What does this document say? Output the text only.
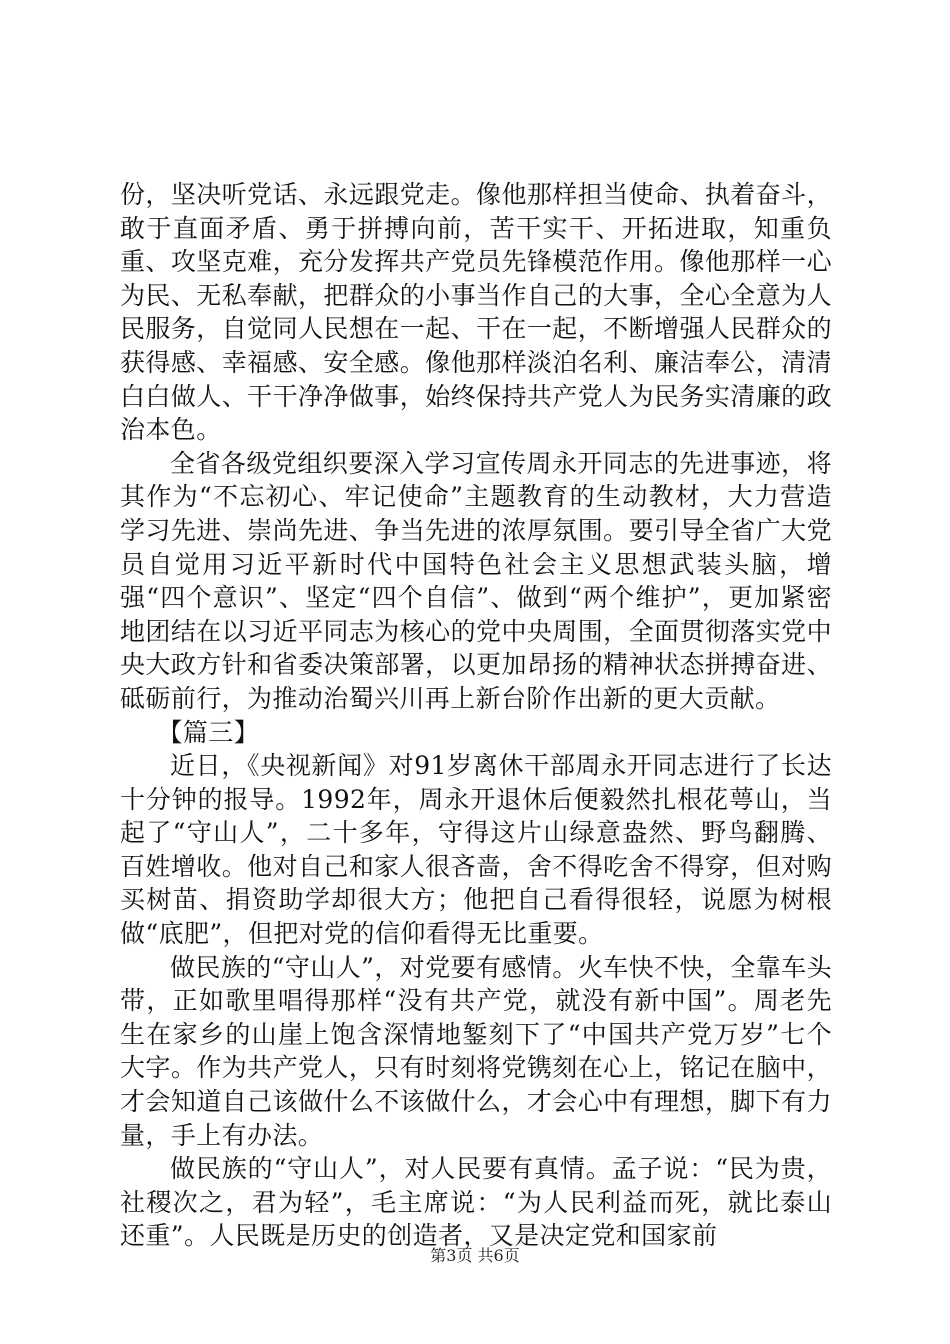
份，坚决听党话、永远跟党走。像他那样担当使命、执着奋斗，敢于直面矛盾、勇于拼搏向前，苦干实干、开拓进取，知重负重、攻坚克难，充分发挥共产党员先锋模范作用。像他那样一心为民、无私奉献，把群众的小事当作自己的大事，全心全意为人民服务，自觉同人民想在一起、干在一起，不断增强人民群众的获得感、幸福感、安全感。像他那样淡泊名利、廉洁奉公，清清白白做人、干干净净做事，始终保持共产党人为民务实清廉的政治本色。

全省各级党组织要深入学习宣传周永开同志的先进事迹，将其作为“不忘初心、牢记使命”主题教育的生动教材，大力营造学习先进、崇尚先进、争当先进的浓厚氛围。要引导全省广大党员自觉用习近平新时代中国特色社会主义思想武装头脑，增强“四个意识”、坚定“四个自信”、做到“两个维护”，更加紧密地团结在以习近平同志为核心的党中央周围，全面贯彻落实党中央大政方针和省委决策部署，以更加昂扬的精神状态拼搏奋进、砥砺前行，为推动治蜀兴川再上新台阶作出新的更大贡献。

【篇三】

近日，《央视新闻》对91岁离休干部周永开同志进行了长达十分钟的报导。1992年，周永开退休后便毅然扎根花萼山，当起了“守山人”，二十多年，守得这片山绿意盎然、野鸟翻腾、百姓增收。他对自己和家人很吝啬，舍不得吃舍不得穿，但对购买树苗、捐资助学却很大方；他把自己看得很轻，说愿为树根做“底肥”，但把对党的信仰看得无比重要。

做民族的“守山人”，对党要有感情。火车快不快，全靠车头带，正如歌里唱得那样“没有共产党，就没有新中国”。周老先生在家乡的山崖上饱含深情地錾刻下了“中国共产党万岁”七个大字。作为共产党人，只有时刻将党镌刻在心上，铭记在脑中，才会知道自己该做什么不该做什么，才会心中有理想，脚下有力量，手上有办法。

做民族的“守山人”，对人民要有真情。孟子说：“民为贵，社稷次之，君为轻”，毛主席说：“为人民利益而死，就比泰山还重”。人民既是历史的创造者，又是决定党和国家前

第3页 共6页
